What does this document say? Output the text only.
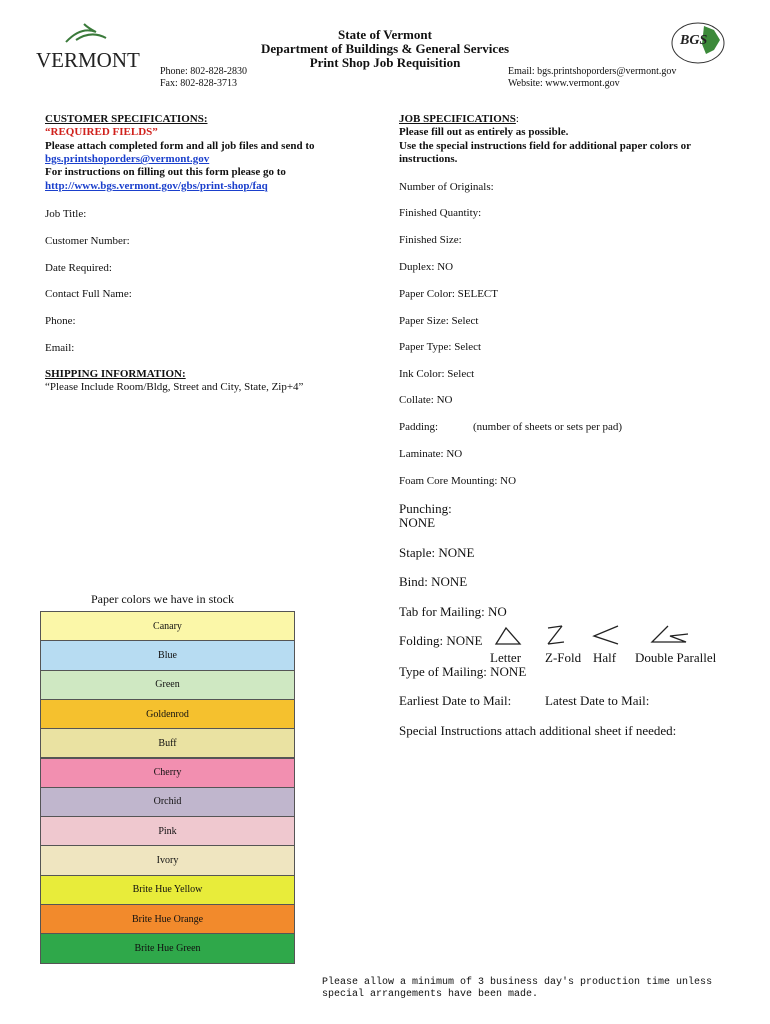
VERMONT
BGS
State of Vermont
Department of Buildings & General Services
Print Shop Job Requisition
Phone: 802-828-2830
Fax: 802-828-3713
Email: bgs.printshoporders@vermont.gov
Website: www.vermont.gov
CUSTOMER SPECIFICATIONS:
“REQUIRED FIELDS”
Please attach completed form and all job files and send to
bgs.printshoporders@vermont.gov
For instructions on filling out this form please go to
http://www.bgs.vermont.gov/gbs/print-shop/faq
Job Title:
Customer Number:
Date Required:
Contact Full Name:
Phone:
Email:
SHIPPING INFORMATION:
“Please Include Room/Bldg, Street and City, State, Zip+4”
JOB SPECIFICATIONS:
Please fill out as entirely as possible.
Use the special instructions field for additional paper colors or
instructions.
Number of Originals:
Finished Quantity:
Finished Size:
Duplex: NO
Paper Color: SELECT
Paper Size: Select
Paper Type: Select
Ink Color: Select
Collate: NO
Padding:	(number of sheets or sets per pad)
Laminate: NO
Foam Core Mounting: NO
Punching:
NONE
Staple: NONE
Bind: NONE
Tab for Mailing: NO
Folding: NONE
Letter Z-Fold Half Double Parallel
Type of Mailing: NONE
Earliest Date to Mail:	Latest Date to Mail:
Special Instructions attach additional sheet if needed:
Paper colors we have in stock
Canary
Blue
Green
Goldenrod
Buff
Cherry
Orchid
Pink
Ivory
Brite Hue Yellow
Brite Hue Orange
Brite Hue Green
Please allow a minimum of 3 business day's production time unless
special arrangements have been made.
